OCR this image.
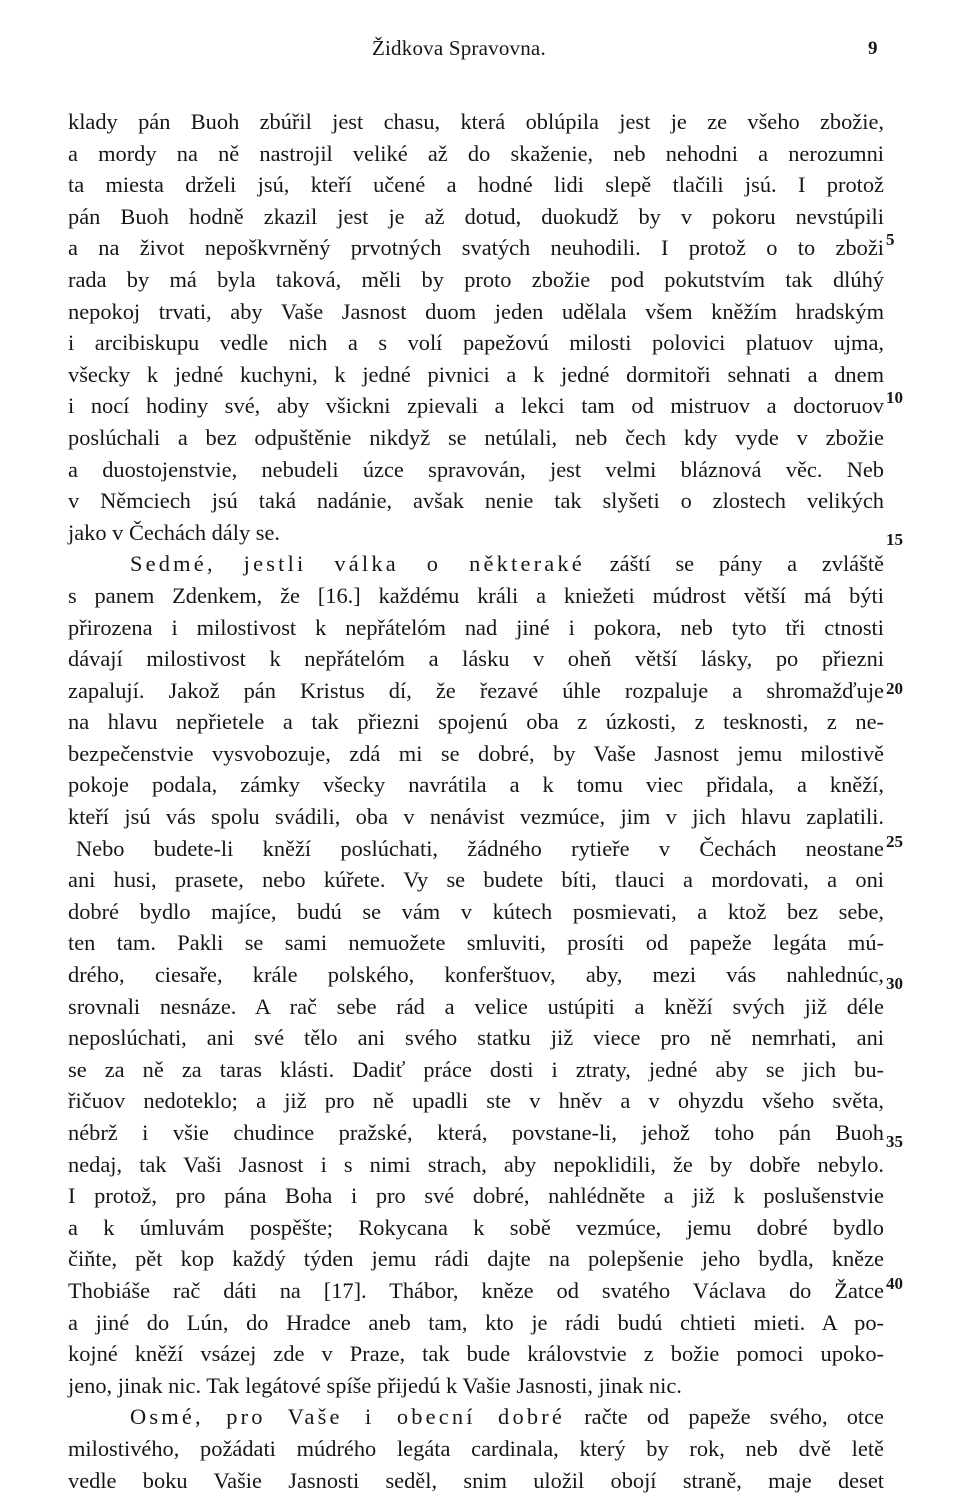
Židkova Spravovna.	9
klady pán Buoh zbúřil jest chasu, která oblúpila jest je ze všeho zbožie,
a mordy na ně nastrojil veliké až do skaženie, neb nehodni a nerozumni
ta miesta drželi jsú, kteří učené a hodné lidi slepě tlačili jsú. I protož
pán Buoh hodně zkazil jest je až dotud, duokudž by v pokoru nevstúpili
a na život nepoškvrněný prvotných svatých neuhodili. I protož o to zboži
rada by má byla taková, měli by proto zbožie pod pokutstvím tak dlúhý
nepokoj trvati, aby Vaše Jasnost duom jeden udělala všem kněžím hradským
i arcibiskupu vedle nich a s volí papežovú milosti polovici platuov ujma,
všecky k jedné kuchyni, k jedné pivnici a k jedné dormitoři sehnati a dnem
i nocí hodiny své, aby všickni zpievali a lekci tam od mistruov a doctoruov
poslúchali a bez odpuštěnie nikdyž se netúlali, neb čech kdy vyde v zbožie
a duostojenstvie, nebudeli úzce spravován, jest velmi bláznová věc. Neb
v Němciech jsú taká nadánie, avšak nenie tak slyšeti o zlostech velikých
jako v Čechách dály se.
Sedmé, jestli válka o některaké záští se pány a zvláště
s panem Zdenkem, že [16.] každému králi a kniežeti múdrost větší má býti
přirozena i milostivost k nepřátelóm nad jiné i pokora, neb tyto tři ctnosti
dávají milostivost k nepřátelóm a lásku v oheň větší lásky, po přiezni
zapalují. Jakož pán Kristus dí, že řezavé úhle rozpaluje a shromažďuje
na hlavu nepřietele a tak přiezni spojenú oba z úzkosti, z tesknosti, z ne-
bezpečenstvie vysvobozuje, zdá mi se dobré, by Vaše Jasnost jemu milostivě
pokoje podala, zámky všecky navrátila a k tomu viec přidala, a kněží,
kteří jsú vás spolu svádili, oba v nenávist vezmúce, jim v jich hlavu zaplatili.
Nebo budete-li kněží poslúchati, žádného rytieře v Čechách neostane
ani husi, prasete, nebo kúřete. Vy se budete bíti, tlauci a mordovati, a oni
dobré bydlo majíce, budú se vám v kútech posmievati, a ktož bez sebe,
ten tam. Pakli se sami nemuožete smluviti, prosíti od papeže legáta mú-
drého, ciesaře, krále polského, konferštuov, aby, mezi vás nahlednúc,
srovnali nesnáze. A rač sebe rád a velice ustúpiti a kněží svých již déle
neposlúchati, ani své tělo ani svého statku již viece pro ně nemrhati, ani
se za ně za taras klásti. Dadiť práce dosti i ztraty, jedné aby se jich bu-
řičuov nedoteklo; a již pro ně upadli ste v hněv a v ohyzdu všeho světa,
nébrž i všie chudince pražské, která, povstane-li, jehož toho pán Buoh
nedaj, tak Vaši Jasnost i s nimi strach, aby nepoklidili, že by dobře nebylo.
I protož, pro pána Boha i pro své dobré, nahlédněte a již k poslušenstvie
a k úmluvám pospěšte; Rokycana k sobě vezmúce, jemu dobré bydlo
čiňte, pět kop každý týden jemu rádi dajte na polepšenie jeho bydla, kněze
Thobiáše rač dáti na [17]. Thábor, kněze od svatého Václava do Žatce
a jiné do Lún, do Hradce aneb tam, kto je rádi budú chtieti mieti. A po-
kojné kněží vsázej zde v Praze, tak bude královstvie z božie pomoci upoko-
jeno, jinak nic. Tak legátové spíše přijedú k Vašie Jasnosti, jinak nic.
Osmé, pro Vaše i obecní dobré račte od papeže svého, otce
milostivého, požádati múdrého legáta cardinala, který by rok, neb dvě letě
vedle boku Vašie Jasnosti seděl, snim uložil obojí straně, maje deset
5
10
15
20
25
30
35
40
